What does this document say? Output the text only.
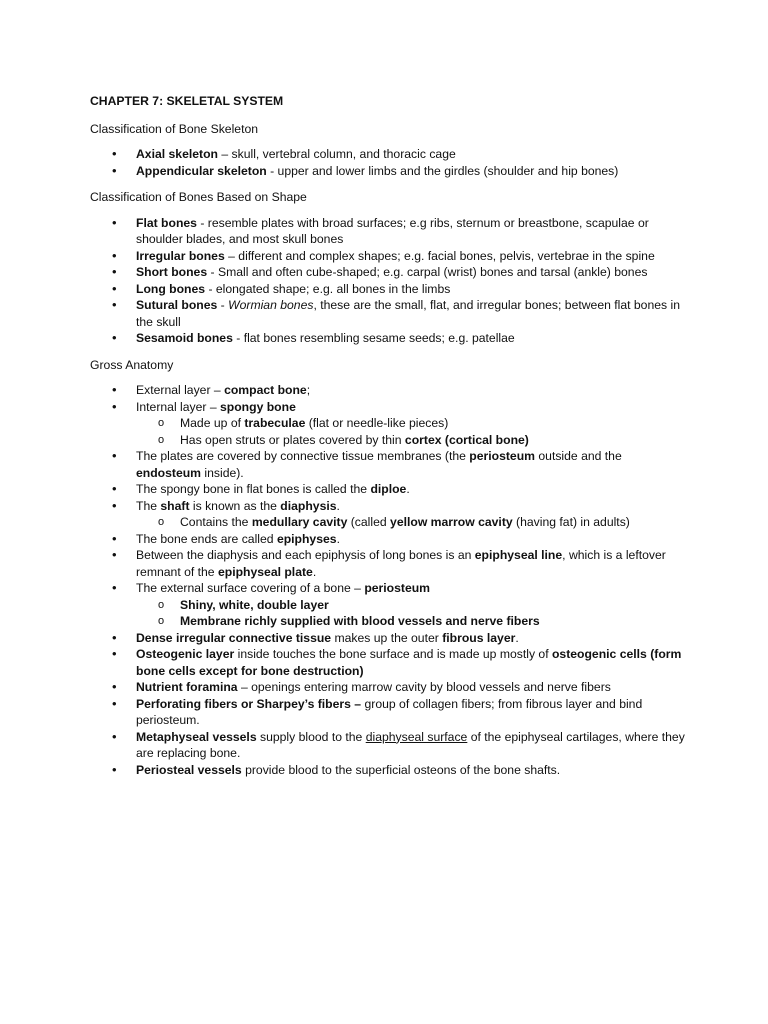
CHAPTER 7: SKELETAL SYSTEM
Classification of Bone Skeleton
• Axial skeleton – skull, vertebral column, and thoracic cage
• Appendicular skeleton - upper and lower limbs and the girdles (shoulder and hip bones)
Classification of Bones Based on Shape
• Flat bones - resemble plates with broad surfaces; e.g ribs, sternum or breastbone, scapulae or shoulder blades, and most skull bones
• Irregular bones – different and complex shapes; e.g. facial bones, pelvis, vertebrae in the spine
• Short bones - Small and often cube-shaped; e.g. carpal (wrist) bones and tarsal (ankle) bones
• Long bones - elongated shape; e.g. all bones in the limbs
• Sutural bones - Wormian bones, these are the small, flat, and irregular bones; between flat bones in the skull
• Sesamoid bones - flat bones resembling sesame seeds; e.g. patellae
Gross Anatomy
• External layer – compact bone;
• Internal layer – spongy bone
o Made up of trabeculae (flat or needle-like pieces)
o Has open struts or plates covered by thin cortex (cortical bone)
• The plates are covered by connective tissue membranes (the periosteum outside and the endosteum inside).
• The spongy bone in flat bones is called the diploe.
• The shaft is known as the diaphysis.
o Contains the medullary cavity (called yellow marrow cavity (having fat) in adults)
• The bone ends are called epiphyses.
• Between the diaphysis and each epiphysis of long bones is an epiphyseal line, which is a leftover remnant of the epiphyseal plate.
• The external surface covering of a bone – periosteum
o Shiny, white, double layer
o Membrane richly supplied with blood vessels and nerve fibers
• Dense irregular connective tissue makes up the outer fibrous layer.
• Osteogenic layer inside touches the bone surface and is made up mostly of osteogenic cells (form bone cells except for bone destruction)
• Nutrient foramina – openings entering marrow cavity by blood vessels and nerve fibers
• Perforating fibers or Sharpey’s fibers – group of collagen fibers; from fibrous layer and bind periosteum.
• Metaphyseal vessels supply blood to the diaphyseal surface of the epiphyseal cartilages, where they are replacing bone.
• Periosteal vessels provide blood to the superficial osteons of the bone shafts.
